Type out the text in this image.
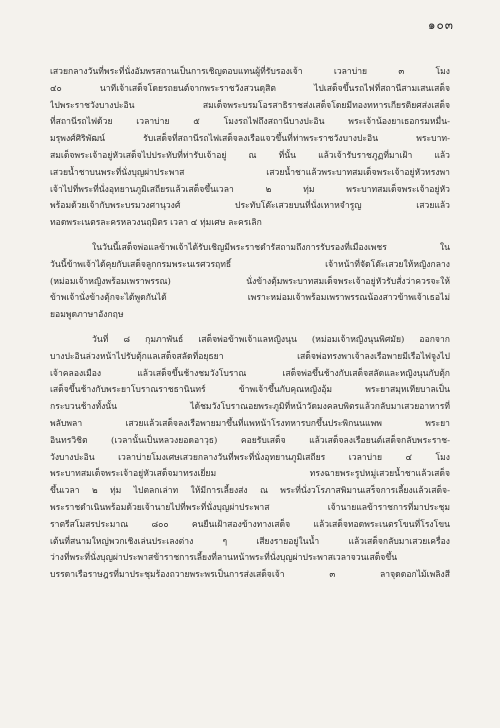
๑๐๓
เสวยกลางวันที่พระที่นั่งอัมพรสถานเป็นการเชิญตอบแทนผู้ที่รับรองเจ้า เวลาบ่าย ๓ โมง
๔๐ นาทีเจ้าเสด็จโดยรถยนต์จากพระราชวังสวนดุสิต ไปเสด็จขึ้นรถไฟที่สถานีสามเสนเสด็จ
ไปพระราชวังบางปะอิน สมเด็จพระบรมโอรสาธิราชส่งเสด็จโดยมีทองทหารเกียรติยศส่งเสด็จ
ที่สถานีรถไฟด้วย เวลาบ่าย ๕ โมงรถไฟถึงสถานีบางปะอิน พระเจ้าน้องยาเธอกรมหมื่น-
มรุพงศ์ศิริพัฒน์ รับเสด็จที่สถานีรถไฟเสด็จลงเรือแจวขึ้นที่ท่าพระราชวังบางปะอิน พระบาท-
สมเด็จพระเจ้าอยู่หัวเสด็จไปประทับที่ท่ารับเจ้าอยู่ ณ ที่นั้น แล้วเจ้ารับราชภูฏที่มาเฝ้า แล้ว
เสวยน้ำชาบนพระที่นั่งบุญผ่าประพาส เสวยน้ำชาแล้วพระบาทสมเด็จพระเจ้าอยู่หัวทรงพา
เจ้าไปที่พระที่นั่งอุทยานภูมิเสถียรแล้วเสด็จขึ้นเวลา ๒ ทุ่ม พระบาทสมเด็จพระเจ้าอยู่หัว
พร้อมด้วยเจ้ากับพระบรมวงศานุวงศ์ ประทับโต๊ะเสวยบนที่นั่งเหาหจำรูญ เสวยแล้ว
ทอดพระเนตรละครหลวงนฤมิตร เวลา ๔ ทุ่มเศษ ละครเลิก
ในวันนี้เสด็จพ่อแลข้าพเจ้าได้รับเชิญมีพระราชดำรัสถามถึงการรับรองที่เมืองเพชร ใน
วันนี้ข้าพเจ้าได้คุยกับเสด็จลูกกรมพระนเรศวรฤทธิ์ เจ้าหน้าที่จัดโต๊ะเสวยให้หญิงกลาง
(หม่อมเจ้าหญิงพร้อมเพราพรรณ) นั่งข้างตุ้มพระบาทสมเด็จพระเจ้าอยู่หัวรับสั่งว่าควรจะให้
ข้าพเจ้านั่งข้างตุ้กจะได้พูดกันได้ เพราะหม่อมเจ้าพร้อมเพราพรรณน้องสาวข้าพเจ้าเธอไม่
ยอมพูดภาษาอังกฤษ
วันที่ ๘ กุมภาพันธ์ เสด็จพ่อข้าพเจ้าแลหญิงนุน (หม่อมเจ้าหญิงนุนพิศมัย) ออกจาก
บางปะอินล่วงหน้าไปรับตุ้กแลเสด็จสลัดที่อยุธยา เสด็จพ่อทรงพาเจ้าลงเรือพายมีเรือไฟจูงไป
เจ้าคลองเมือง แล้วเสด็จขึ้นช้างชมวังโบราณ เสด็จพ่อขึ้นช้างกับเสด็จสลัดและหญิงนุนกับตุ้ก
เสด็จขึ้นช้างกับพระยาโบราณราชธานินทร์ ข้าพเจ้าขึ้นกับคุณหญิงอุ้ม พระยาสมุหเทียบาลเป็น
กระบวนช้างทั้งนั้น ได้ชมวังโบราณอยพระภูมิที่หน้าวัดมงคลบพิตรแล้วกลับมาเสวยอาหารที่
พลับพลา เสวยแล้วเสด็จลงเรือพายมาขึ้นที่แพหน้าโรงทหารบกขึ้นประพิกนนแพพ พระยา
อินทรวิชิต (เวลานั้นเป็นหลวงยอดอาวุธ) คอยรับเสด็จ แล้วเสด็จลงเรือยนต์เสด็จกลับพระราช-
วังบางปะอิน เวลาบ่ายโมงเศษเสวยกลางวันที่พระที่นั่งอุทยานภูมิเสถียร เวลาบ่าย ๔ โมง
พระบาทสมเด็จพระเจ้าอยู่หัวเสด็จมาทรงเยี่ยม ทรงฉายพระรูปหมู่เสวยน้ำชาแล้วเสด็จ
ขึ้นเวลา ๒ ทุ่ม ไปตลกเล่าท ให้มีการเลี้ยงส่ง ณ พระที่นั่งวโรภาสพิมานเสร็จการเลี้ยงแล้วเสด็จ-
พระราชดำเนินพร้อมด้วยเจ้านายไปที่พระที่นั่งบุญผ่าประพาส เจ้านายแลข้าราชการที่มาประชุม
ราตรีสโมสรประมาณ ๘๐๐ คนยืนเฝ้าสองข้างทางเสด็จ แล้วเสด็จทอดพระเนตรโขนที่โรงโขน
เต้นที่สนามใหญ่พวกเชิงเล่นประเลงต่าง ๆ เสียงรายอยู่ในน้ำ แล้วเสด็จกลับมาเสวยเครื่อง
ว่างที่พระที่นั่งบุญผ่าประพาสข้าราชการเลี้ยงที่ลานหน้าพระที่นั่งบุญผ่าประพาสเวลาจวนเสด็จขึ้น
บรรดาเรือราษฎรที่มาประชุมร้องถวายพระพรเป็นการส่งเสด็จเจ้า ๓ ลาจุดดอกไม้เพลิงสี
